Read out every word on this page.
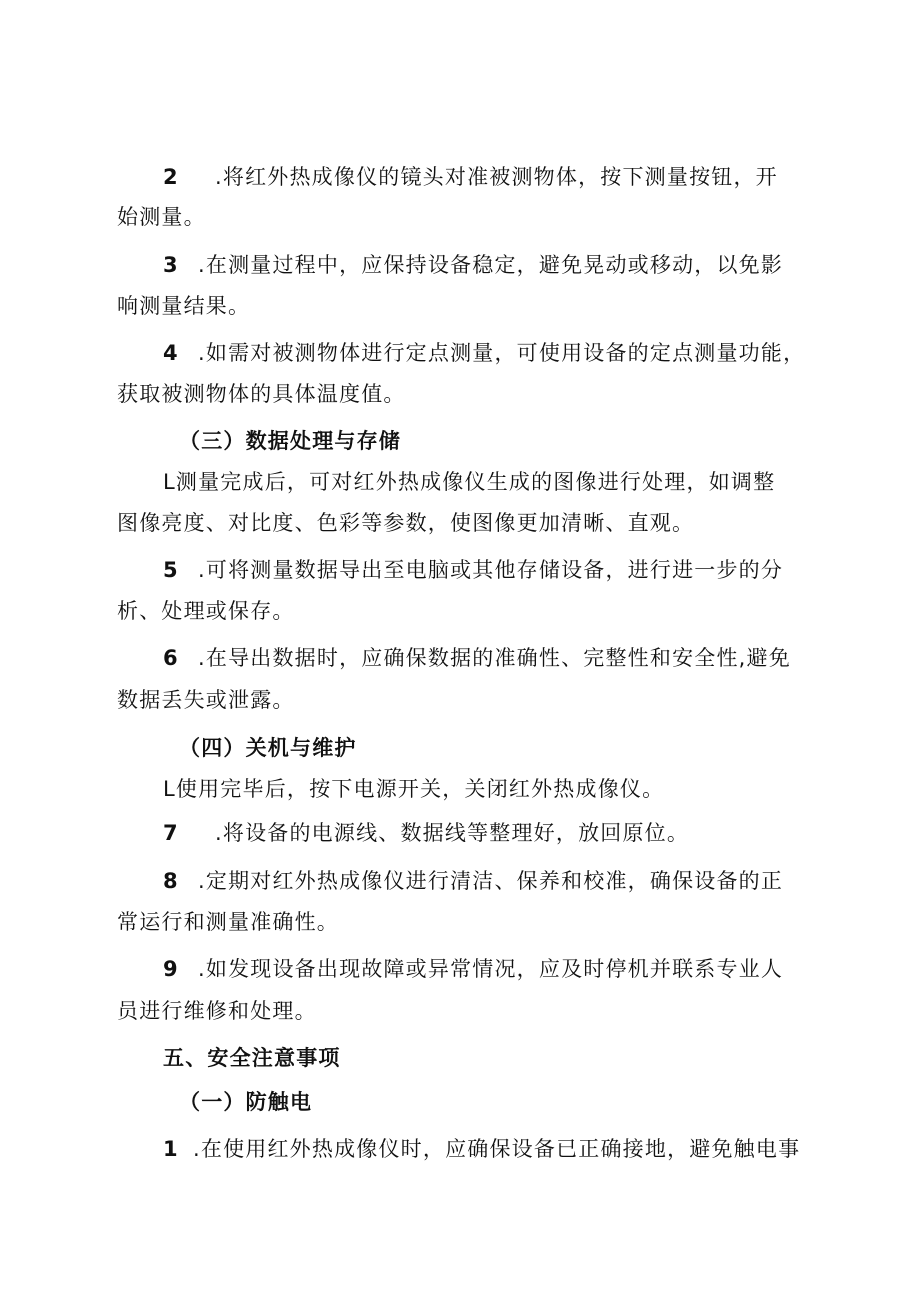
2 .将红外热成像仪的镜头对准被测物体，按下测量按钮，开
始测量。
3 .在测量过程中，应保持设备稳定，避免晃动或移动，以免影
响测量结果。
4 .如需对被测物体进行定点测量，可使用设备的定点测量功能，
获取被测物体的具体温度值。
（三）数据处理与存储
L测量完成后，可对红外热成像仪生成的图像进行处理，如调整
图像亮度、对比度、色彩等参数，使图像更加清晰、直观。
5 .可将测量数据导出至电脑或其他存储设备，进行进一步的分
析、处理或保存。
6 .在导出数据时，应确保数据的准确性、完整性和安全性,避免
数据丢失或泄露。
（四）关机与维护
L使用完毕后，按下电源开关，关闭红外热成像仪。
7 .将设备的电源线、数据线等整理好，放回原位。
8 .定期对红外热成像仪进行清洁、保养和校准，确保设备的正
常运行和测量准确性。
9 .如发现设备出现故障或异常情况，应及时停机并联系专业人
员进行维修和处理。
五、安全注意事项
（一）防触电
1 .在使用红外热成像仪时，应确保设备已正确接地，避免触电事
